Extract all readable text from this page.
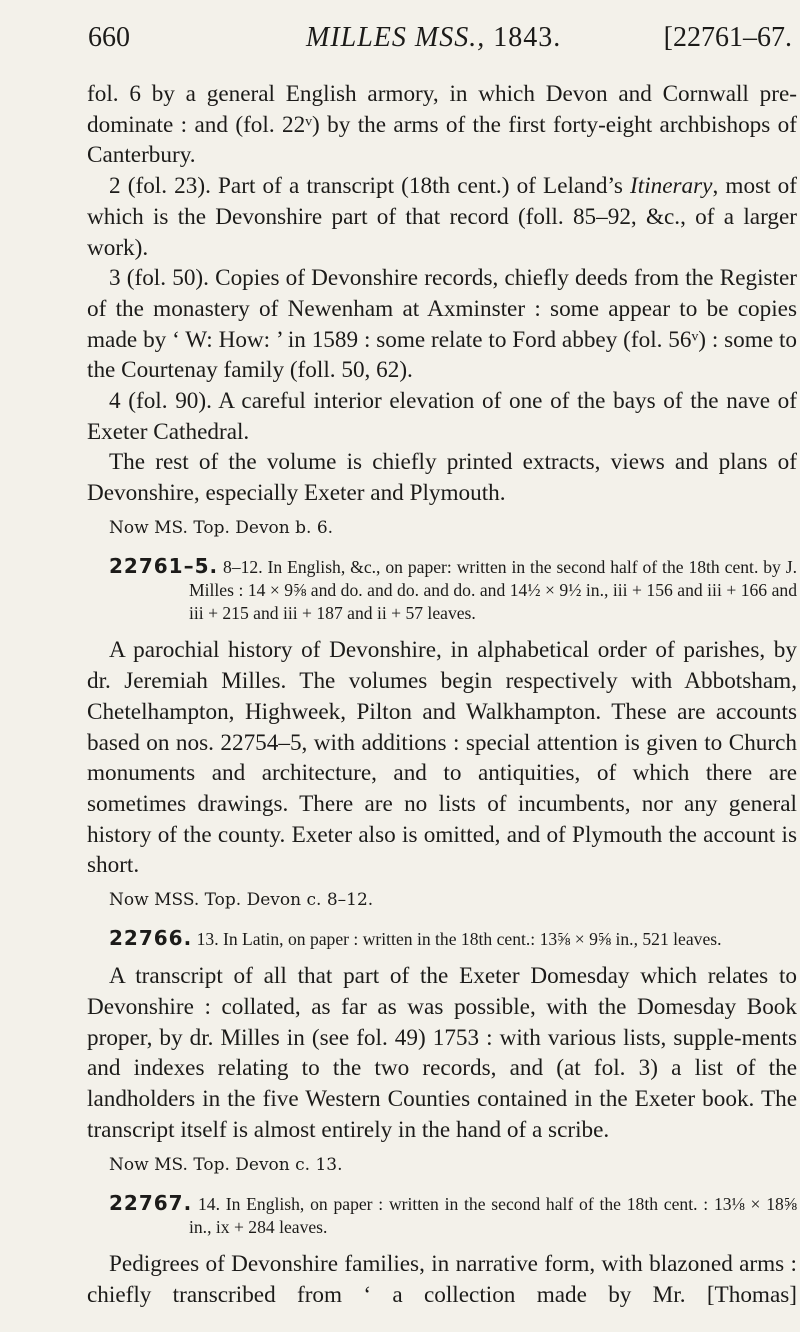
660	MILLES MSS., 1843.	[22761–67.

fol. 6 by a general English armory, in which Devon and Cornwall pre-dominate : and (fol. 22ᵛ) by the arms of the first forty-eight archbishops of Canterbury.

2 (fol. 23). Part of a transcript (18th cent.) of Leland’s Itinerary, most of which is the Devonshire part of that record (foll. 85–92, &c., of a larger work).

3 (fol. 50). Copies of Devonshire records, chiefly deeds from the Register of the monastery of Newenham at Axminster : some appear to be copies made by ‘ W: How: ’ in 1589 : some relate to Ford abbey (fol. 56ᵛ) : some to the Courtenay family (foll. 50, 62).

4 (fol. 90). A careful interior elevation of one of the bays of the nave of Exeter Cathedral.

The rest of the volume is chiefly printed extracts, views and plans of Devonshire, especially Exeter and Plymouth.

Now MS. Top. Devon b. 6.

22761–5. 8–12. In English, &c., on paper: written in the second half of the 18th cent. by J. Milles : 14 × 9⅝ and do. and do. and do. and 14½ × 9½ in., iii + 156 and iii + 166 and iii + 215 and iii + 187 and ii + 57 leaves.

A parochial history of Devonshire, in alphabetical order of parishes, by dr. Jeremiah Milles. The volumes begin respectively with Abbotsham, Chetelhampton, Highweek, Pilton and Walkhampton. These are accounts based on nos. 22754–5, with additions : special attention is given to Church monuments and architecture, and to antiquities, of which there are sometimes drawings. There are no lists of incumbents, nor any general history of the county. Exeter also is omitted, and of Plymouth the account is short.

Now MSS. Top. Devon c. 8–12.

22766. 13. In Latin, on paper : written in the 18th cent.: 13⅝ × 9⅝ in., 521 leaves.

A transcript of all that part of the Exeter Domesday which relates to Devonshire : collated, as far as was possible, with the Domesday Book proper, by dr. Milles in (see fol. 49) 1753 : with various lists, supple-ments and indexes relating to the two records, and (at fol. 3) a list of the landholders in the five Western Counties contained in the Exeter book. The transcript itself is almost entirely in the hand of a scribe.

Now MS. Top. Devon c. 13.

22767. 14. In English, on paper : written in the second half of the 18th cent. : 13⅛ × 18⅝ in., ix + 284 leaves.

Pedigrees of Devonshire families, in narrative form, with blazoned arms : chiefly transcribed from ‘ a collection made by Mr. [Thomas]
